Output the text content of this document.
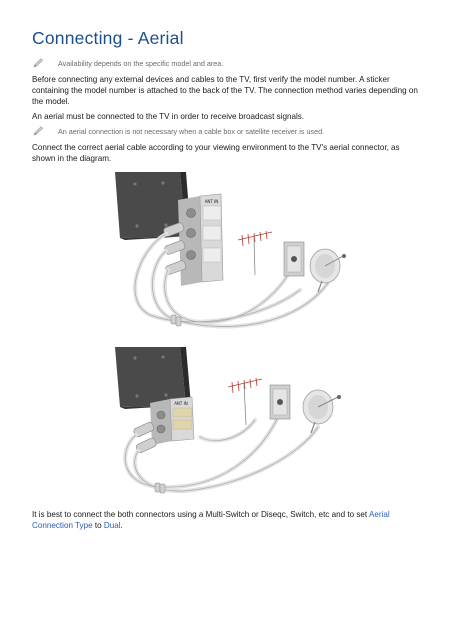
Connecting - Aerial
Availability depends on the specific model and area.

Before connecting any external devices and cables to the TV, first verify the model number. A sticker containing the model number is attached to the back of the TV. The connection method varies depending on the model.

An aerial must be connected to the TV in order to receive broadcast signals.

An aerial connection is not necessary when a cable box or satellite receiver is used.

Connect the correct aerial cable according to your viewing environment to the TV's aerial connector, as shown in the diagram.

ANT IN
ANT IN

It is best to connect the both connectors using a Multi-Switch or Diseqc, Switch, etc and to set Aerial Connection Type to Dual.
